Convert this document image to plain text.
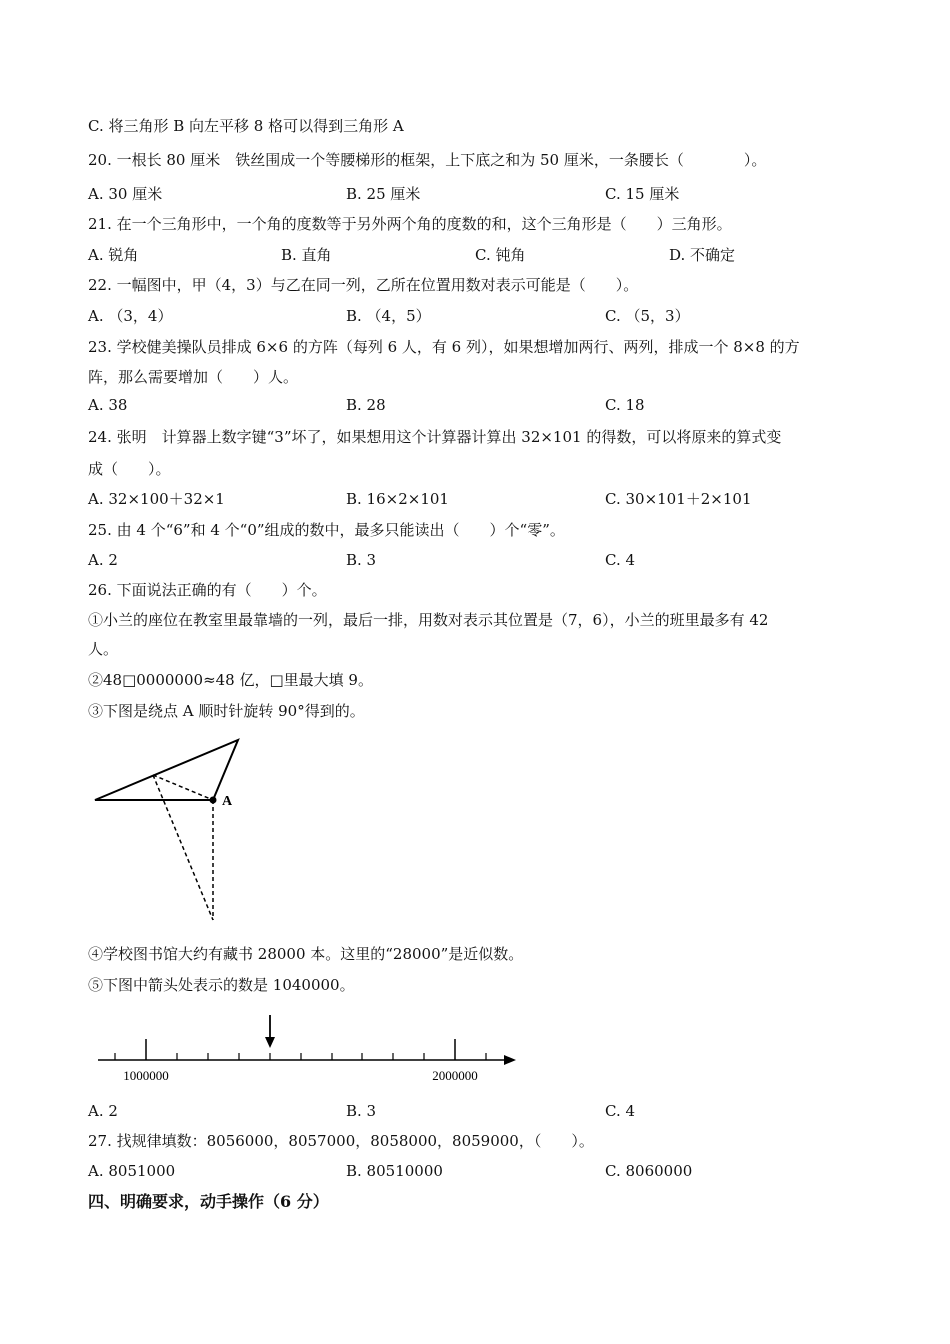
C. 将三角形 B 向左平移 8 格可以得到三角形 A
20. 一根长 80 厘米　铁丝围成一个等腰梯形的框架，上下底之和为 50 厘米，一条腰长（　　　　）。
A. 30 厘米	B. 25 厘米	C. 15 厘米
21. 在一个三角形中，一个角的度数等于另外两个角的度数的和，这个三角形是（　　）三角形。
A. 锐角	B. 直角	C. 钝角	D. 不确定
22. 一幅图中，甲（4，3）与乙在同一列，乙所在位置用数对表示可能是（　　）。
A. （3，4）	B. （4，5）	C. （5，3）
23. 学校健美操队员排成 6×6 的方阵（每列 6 人，有 6 列），如果想增加两行、两列，排成一个 8×8 的方
阵，那么需要增加（　　）人。
A. 38	B. 28	C. 18
24. 张明　计算器上数字键“3”坏了，如果想用这个计算器计算出 32×101 的得数，可以将原来的算式变
成（　　）。
A. 32×100＋32×1	B. 16×2×101	C. 30×101＋2×101
25. 由 4 个“6”和 4 个“0”组成的数中，最多只能读出（　　）个“零”。
A. 2	B. 3	C. 4
26. 下面说法正确的有（　　）个。
①小兰的座位在教室里最靠墙的一列，最后一排，用数对表示其位置是（7，6），小兰的班里最多有 42
人。
②48□0000000≈48 亿，□里最大填 9。
③下图是绕点 A 顺时针旋转 90°得到的。
A
④学校图书馆大约有藏书 28000 本。这里的“28000”是近似数。
⑤下图中箭头处表示的数是 1040000。
1000000	2000000
A. 2	B. 3	C. 4
27. 找规律填数：8056000，8057000，8058000，8059000，（　　）。
A. 8051000	B. 80510000	C. 8060000
四、明确要求，动手操作（6 分）
